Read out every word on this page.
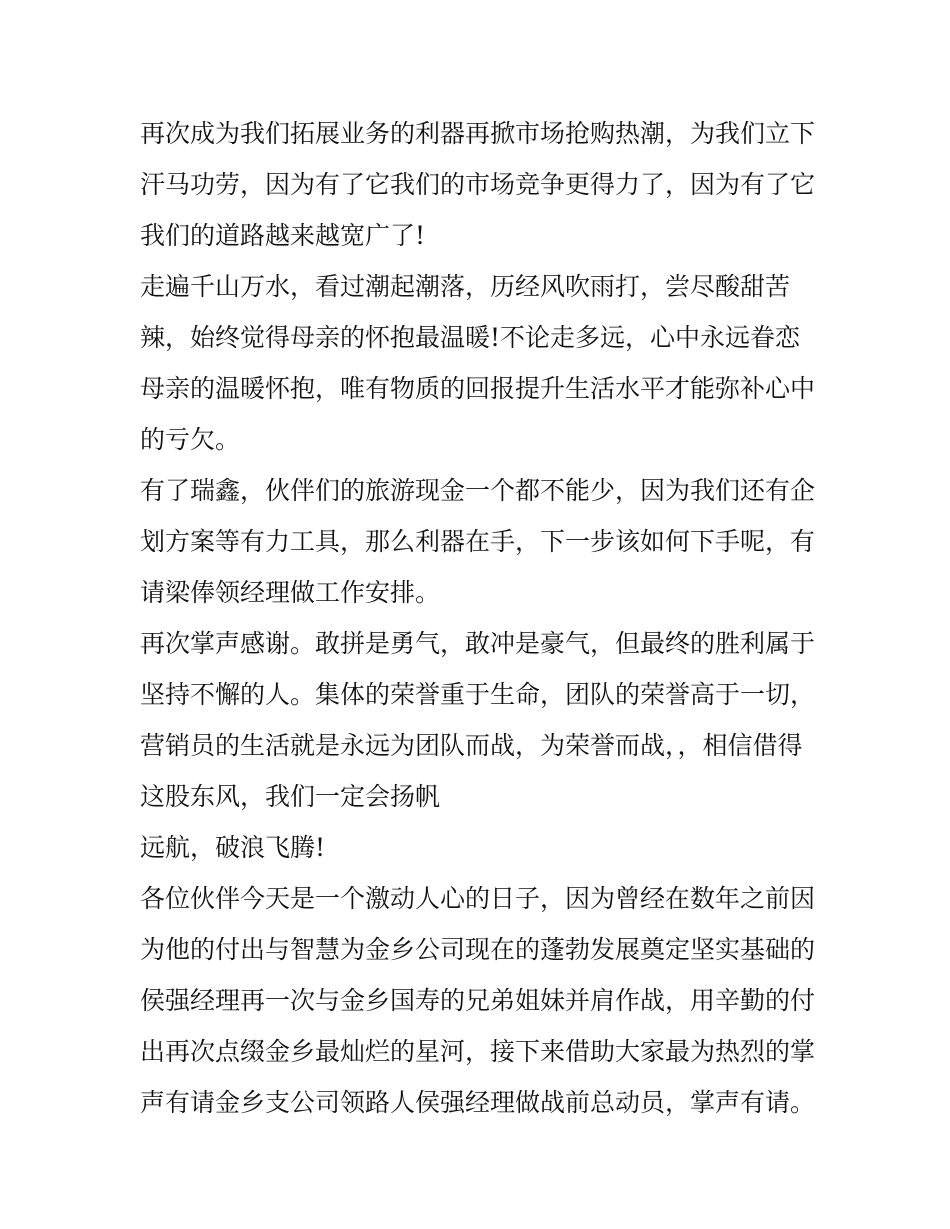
再次成为我们拓展业务的利器再掀市场抢购热潮，为我们立下
汗马功劳，因为有了它我们的市场竞争更得力了，因为有了它
我们的道路越来越宽广了!
走遍千山万水，看过潮起潮落，历经风吹雨打，尝尽酸甜苦
辣，始终觉得母亲的怀抱最温暖!不论走多远，心中永远眷恋
母亲的温暖怀抱，唯有物质的回报提升生活水平才能弥补心中
的亏欠。
有了瑞鑫，伙伴们的旅游现金一个都不能少，因为我们还有企
划方案等有力工具，那么利器在手，下一步该如何下手呢，有
请梁俸领经理做工作安排。
再次掌声感谢。敢拼是勇气，敢冲是豪气，但最终的胜利属于
坚持不懈的人。集体的荣誉重于生命，团队的荣誉高于一切，
营销员的生活就是永远为团队而战，为荣誉而战，，相信借得
这股东风，我们一定会扬帆
远航，破浪飞腾!
各位伙伴今天是一个激动人心的日子，因为曾经在数年之前因
为他的付出与智慧为金乡公司现在的蓬勃发展奠定坚实基础的
侯强经理再一次与金乡国寿的兄弟姐妹并肩作战，用辛勤的付
出再次点缀金乡最灿烂的星河，接下来借助大家最为热烈的掌
声有请金乡支公司领路人侯强经理做战前总动员，掌声有请。
